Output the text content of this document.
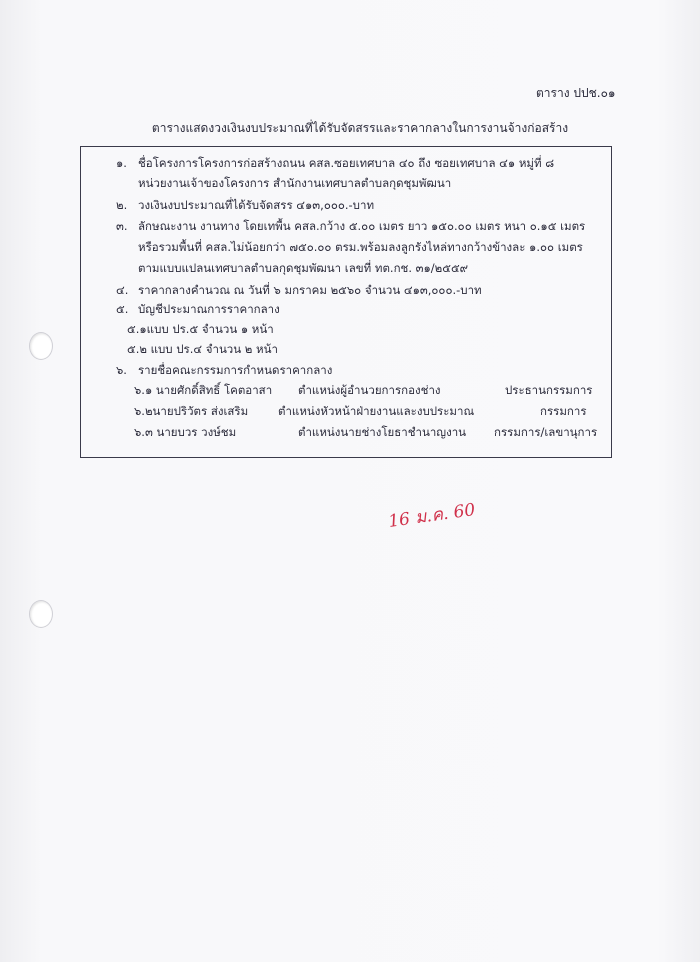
ตาราง ปปช.๐๑
ตารางแสดงวงเงินงบประมาณที่ได้รับจัดสรรและราคากลางในการงานจ้างก่อสร้าง
๑. ชื่อโครงการโครงการก่อสร้างถนน คสล.ซอยเทศบาล ๔๐ ถึง ซอยเทศบาล ๔๑ หมู่ที่ ๘
หน่วยงานเจ้าของโครงการ สำนักงานเทศบาลตำบลกุดชุมพัฒนา
๒. วงเงินงบประมาณที่ได้รับจัดสรร ๔๑๓,๐๐๐.-บาท
๓. ลักษณะงาน งานทาง โดยเทพื้น คสล.กว้าง ๕.๐๐ เมตร ยาว ๑๕๐.๐๐ เมตร หนา ๐.๑๕ เมตร
หรือรวมพื้นที่ คสล.ไม่น้อยกว่า ๗๕๐.๐๐ ตรม.พร้อมลงลูกรังไหล่ทางกว้างข้างละ ๑.๐๐ เมตร
ตามแบบแปลนเทศบาลตำบลกุดชุมพัฒนา เลขที่ ทต.กช. ๓๑/๒๕๕๙
๔. ราคากลางคำนวณ ณ วันที่ ๖ มกราคม ๒๕๖๐ จำนวน ๔๑๓,๐๐๐.-บาท
๕. บัญชีประมาณการราคากลาง
๕.๑แบบ ปร.๕ จำนวน ๑ หน้า
๕.๒ แบบ ปร.๔ จำนวน ๒ หน้า
๖. รายชื่อคณะกรรมการกำหนดราคากลาง
๖.๑ นายศักดิ์สิทธิ์ โคตอาสา ตำแหน่งผู้อำนวยการกองช่าง	ประธานกรรมการ
๖.๒นายปริวัตร ส่งเสริม	ตำแหน่งหัวหน้าฝ่ายงานและงบประมาณ	กรรมการ
๖.๓ นายบวร วงษ์ชม	ตำแหน่งนายช่างโยธาชำนาญงาน กรรมการ/เลขานุการ
16 ม.ค. 60
